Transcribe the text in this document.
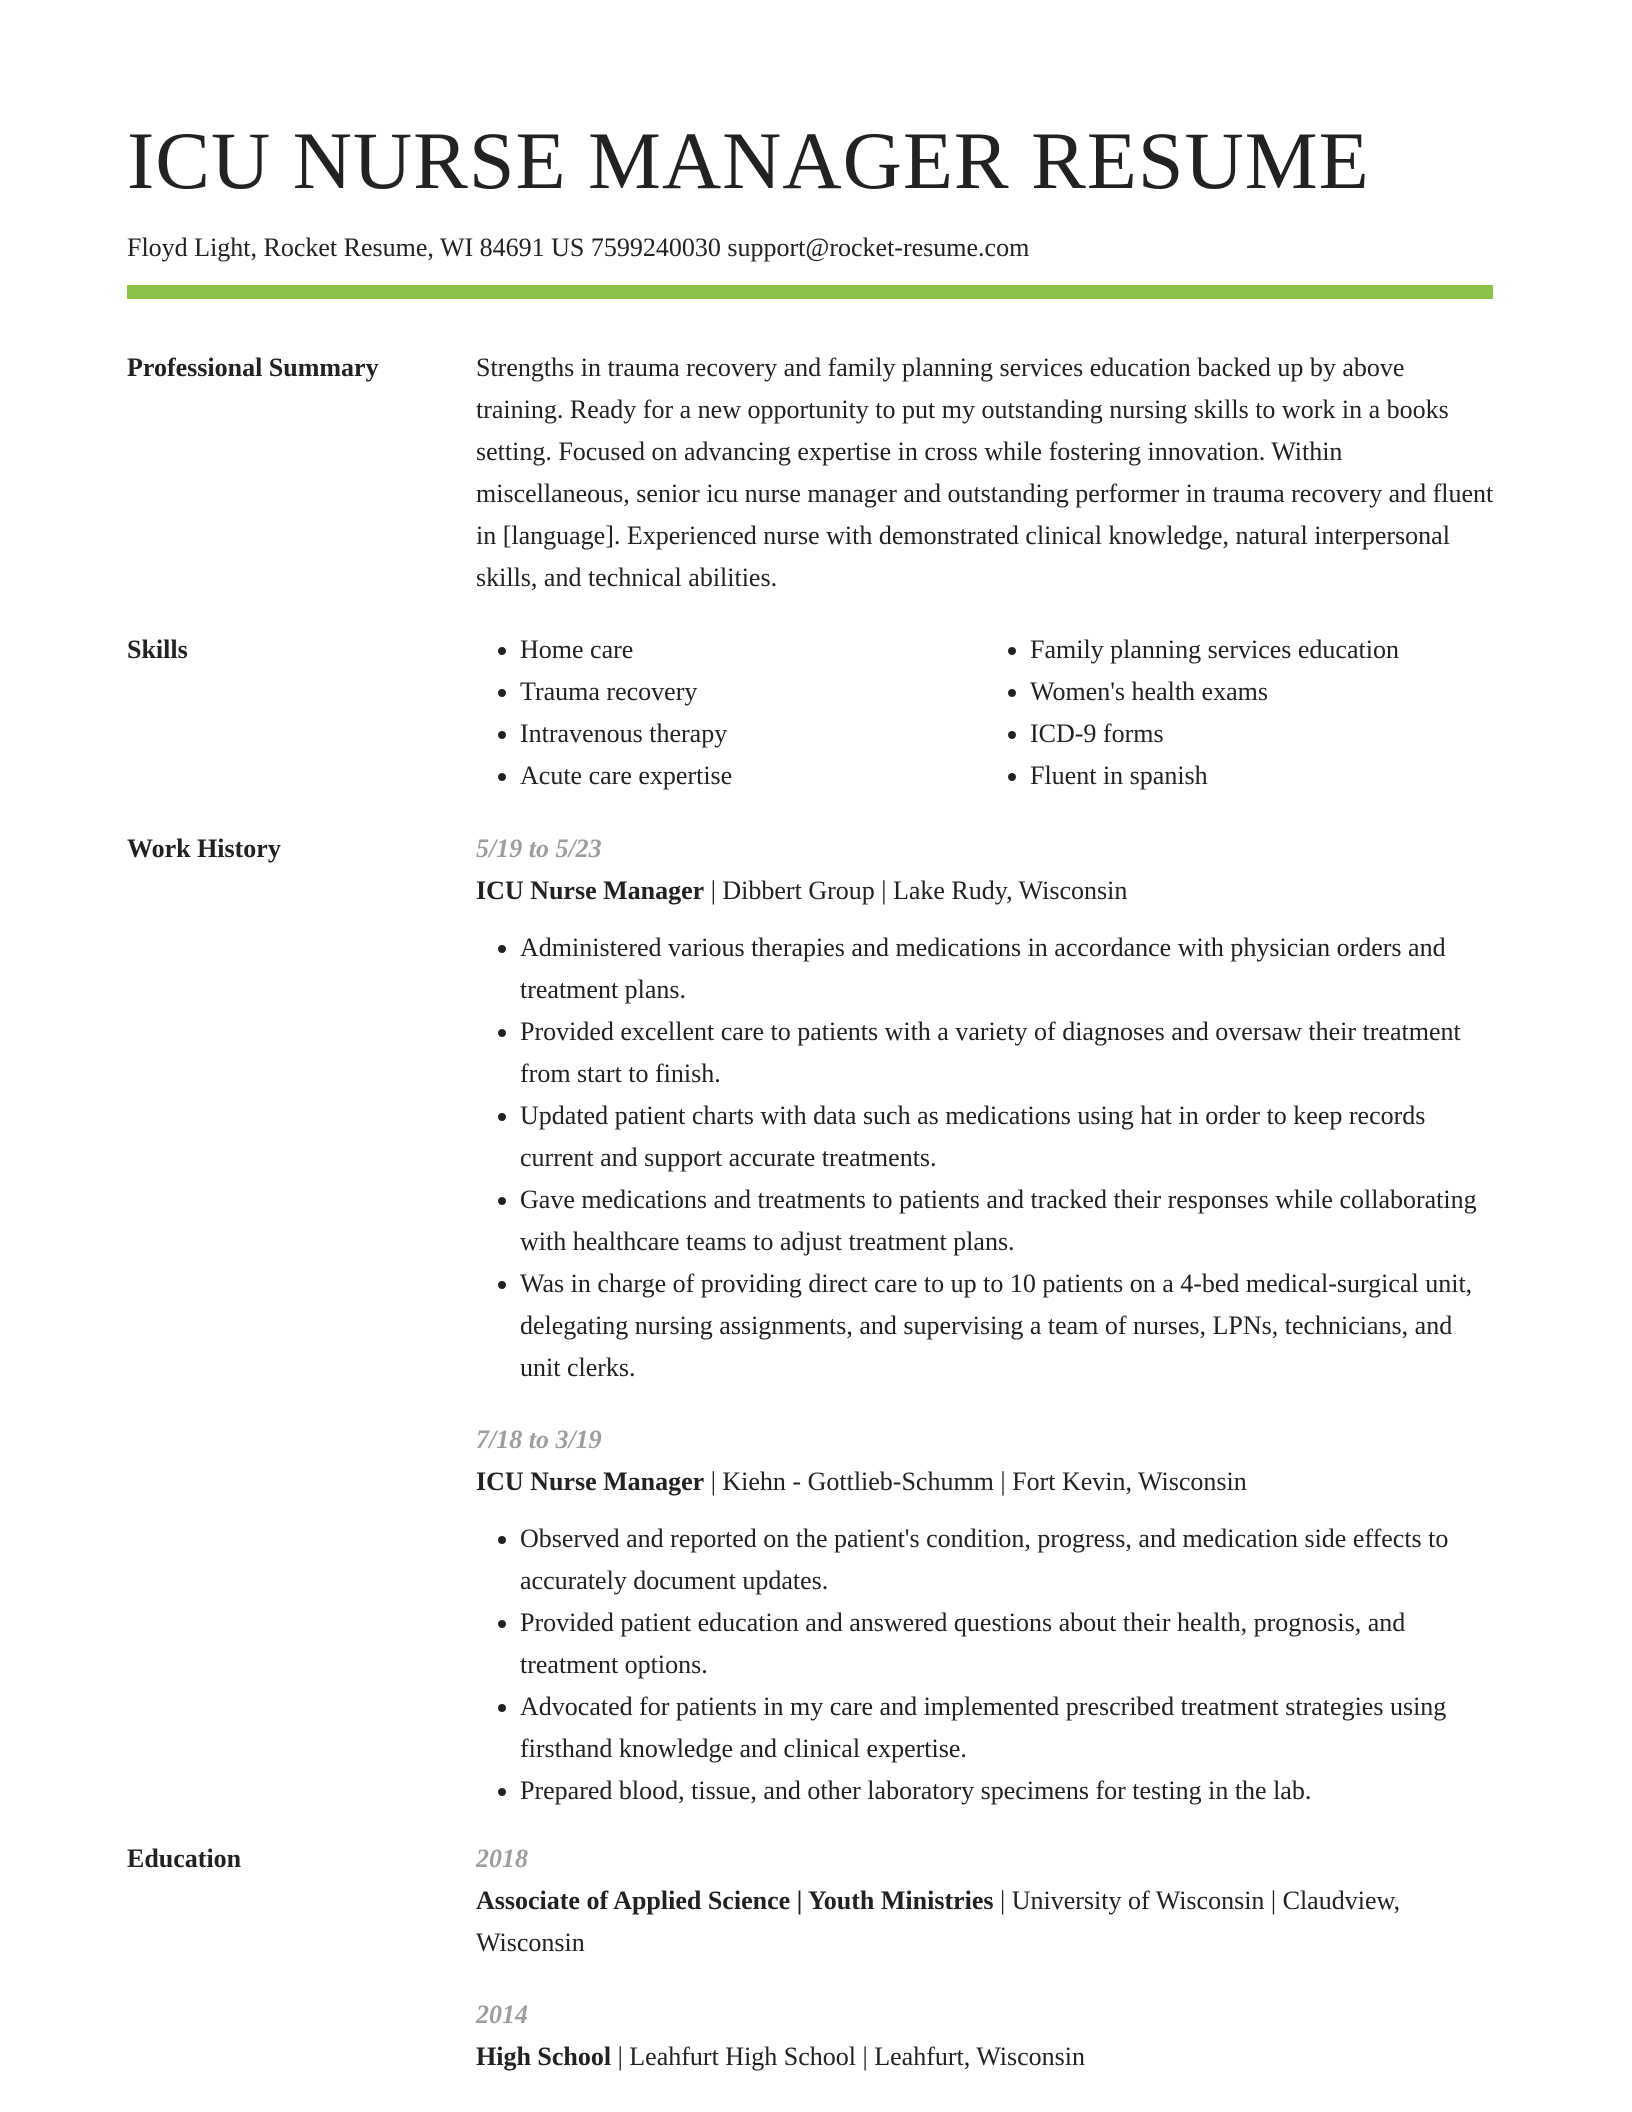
ICU NURSE MANAGER RESUME
Floyd Light, Rocket Resume, WI 84691 US 7599240030 support@rocket-resume.com
Professional Summary	Strengths in trauma recovery and family planning services education backed up by above training. Ready for a new opportunity to put my outstanding nursing skills to work in a books setting. Focused on advancing expertise in cross while fostering innovation. Within miscellaneous, senior icu nurse manager and outstanding performer in trauma recovery and fluent in [language]. Experienced nurse with demonstrated clinical knowledge, natural interpersonal skills, and technical abilities.

Skills
•	Home care
• Trauma recovery
• Intravenous therapy
• Acute care expertise
• Family planning services education
• Women's health exams
• ICD-9 forms
• Fluent in spanish
Work History	5/19 to 5/23
ICU Nurse Manager | Dibbert Group | Lake Rudy, Wisconsin
• Administered various therapies and medications in accordance with physician orders and treatment plans.
• Provided excellent care to patients with a variety of diagnoses and oversaw their treatment from start to finish.
• Updated patient charts with data such as medications using hat in order to keep records current and support accurate treatments.
• Gave medications and treatments to patients and tracked their responses while collaborating with healthcare teams to adjust treatment plans.
• Was in charge of providing direct care to up to 10 patients on a 4-bed medical-surgical unit, delegating nursing assignments, and supervising a team of nurses, LPNs, technicians, and unit clerks.
7/18 to 3/19
ICU Nurse Manager | Kiehn - Gottlieb-Schumm | Fort Kevin, Wisconsin
• Observed and reported on the patient's condition, progress, and medication side effects to accurately document updates.
• Provided patient education and answered questions about their health, prognosis, and treatment options.
• Advocated for patients in my care and implemented prescribed treatment strategies using firsthand knowledge and clinical expertise.
• Prepared blood, tissue, and other laboratory specimens for testing in the lab.
Education	2018
Associate of Applied Science | Youth Ministries | University of Wisconsin | Claudview, Wisconsin
2014
High School | Leahfurt High School | Leahfurt, Wisconsin
